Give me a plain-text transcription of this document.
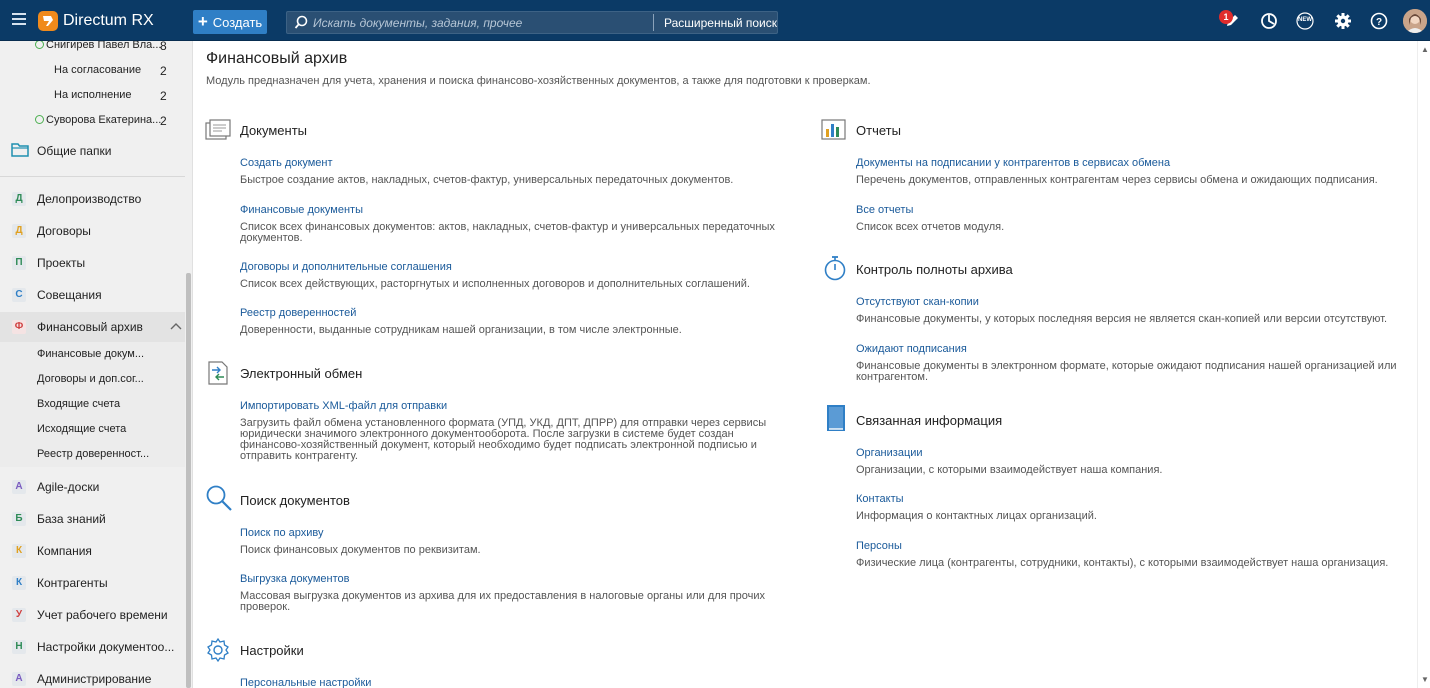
Directum RX	+ Создать
Искать документы, задания, прочее	Расширенный поиск	1	NEW	?
Снигирев Павел Вла...
8
На согласование 2
На исполнение 2
Суворова Екатерина...
2
Общие папки
Д Делопроизводство
Д Договоры
П Проекты
С Совещания
Ф Финансовый архив
Финансовые докум...
Договоры и доп.сог...
Входящие счета
Исходящие счета
Реестр доверенност...
A Agile-доски
Б База знаний
К	Компания
К	Контрагенты
У	Учет рабочего времени
Н Настройки документоо...
А Администрирование
Финансовый архив
Модуль предназначен для учета, хранения и поиска финансово-хозяйственных документов, а также для подготовки к проверкам.
Документы
Создать документ
Быстрое создание актов, накладных, счетов-фактур, универсальных передаточных документов.
Финансовые документы
Список всех финансовых документов: актов, накладных, счетов-фактур и универсальных передаточных документов.
Договоры и дополнительные соглашения
Список всех действующих, расторгнутых и исполненных договоров и дополнительных соглашений.
Реестр доверенностей
Доверенности, выданные сотрудникам нашей организации, в том числе электронные.
Электронный обмен
Импортировать XML-файл для отправки
Загрузить файл обмена установленного формата (УПД, УКД, ДПТ, ДПРР) для отправки через сервисы юридически значимого электронного документооборота. После загрузки в системе будет создан финансово-хозяйственный документ, который необходимо будет подписать электронной подписью и отправить контрагенту.
Поиск документов
Поиск по архиву
Поиск финансовых документов по реквизитам.
Выгрузка документов
Массовая выгрузка документов из архива для их предоставления в налоговые органы или для прочих проверок.
Настройки
Персональные настройки
Отчеты
Документы на подписании у контрагентов в сервисах обмена
Перечень документов, отправленных контрагентам через сервисы обмена и ожидающих подписания.
Все отчеты
Список всех отчетов модуля.
Контроль полноты архива
Отсутствуют скан-копии
Финансовые документы, у которых последняя версия не является скан-копией или версии отсутствуют.
Ожидают подписания
Финансовые документы в электронном формате, которые ожидают подписания нашей организацией или контрагентом.
Связанная информация
Организации
Организации, с которыми взаимодействует наша компания.
Контакты
Информация о контактных лицах организаций.
Персоны
Физические лица (контрагенты, сотрудники, контакты), с которыми взаимодействует наша организация.
▲
▼
